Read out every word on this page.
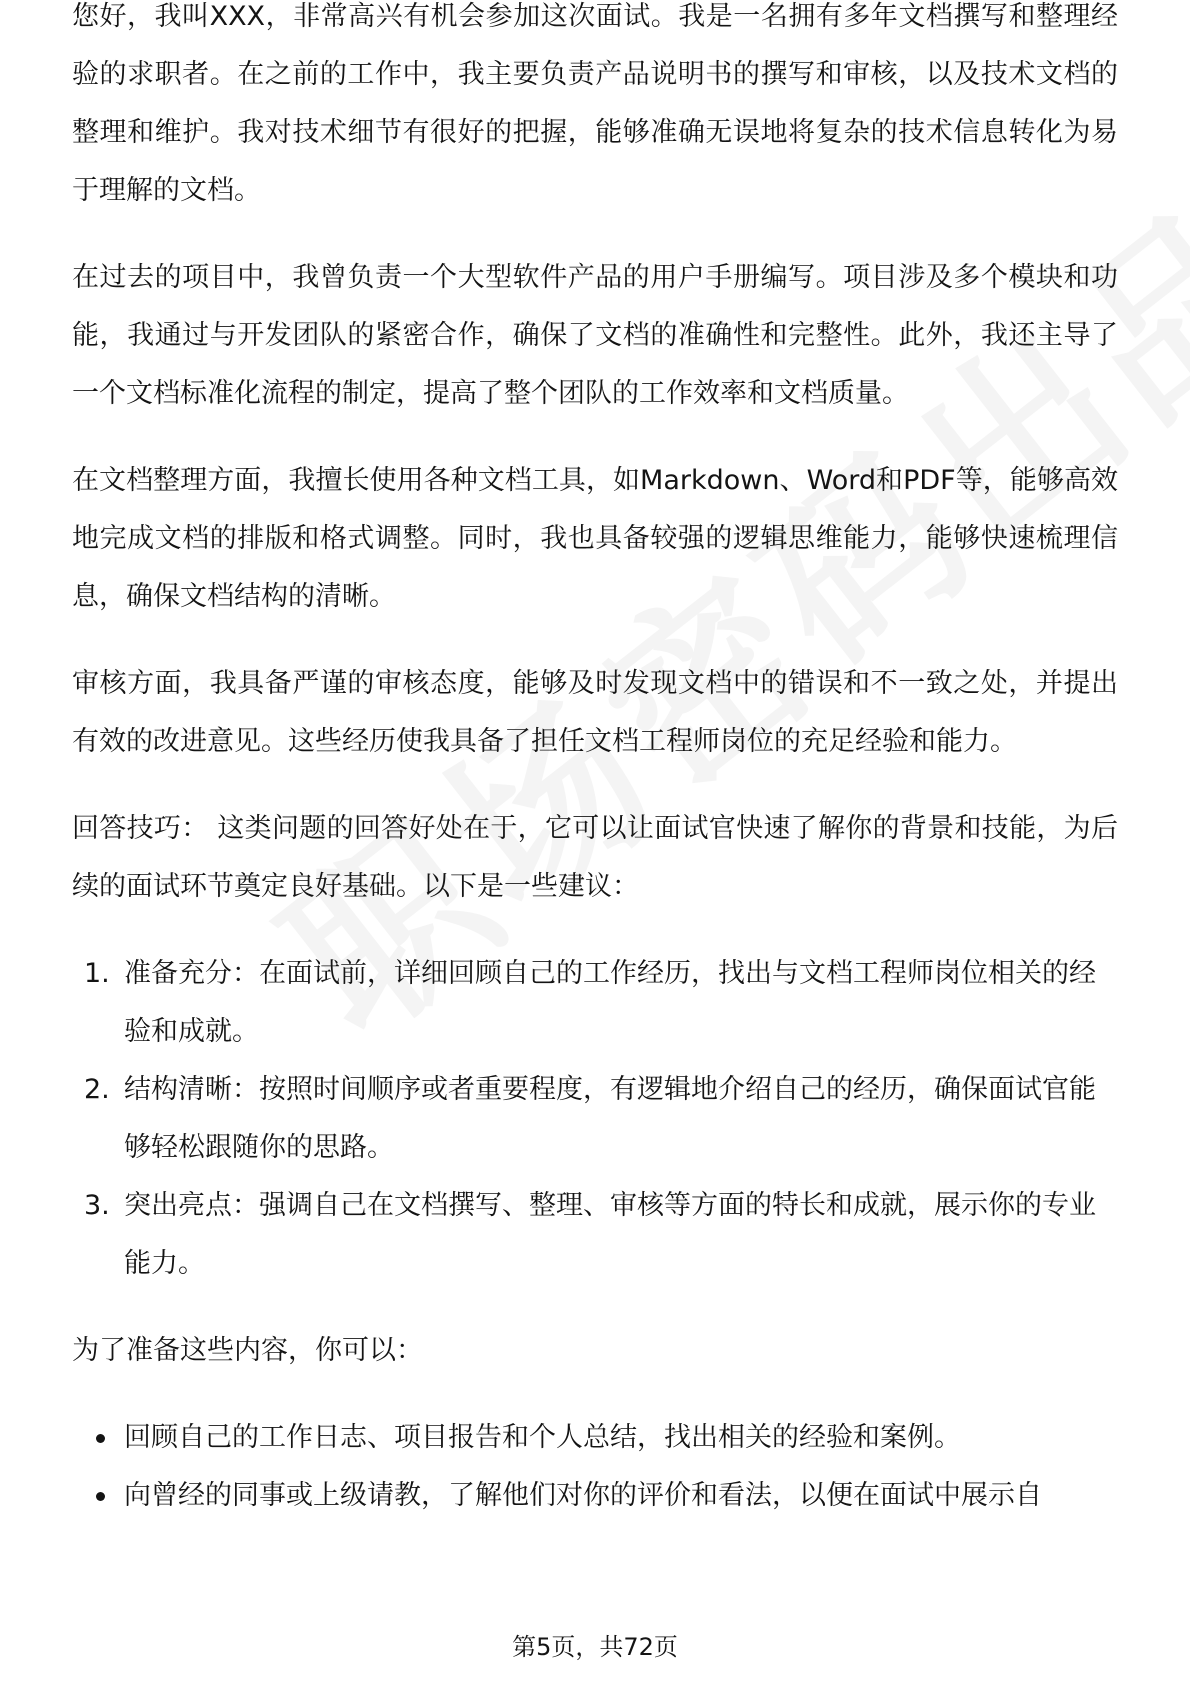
您好，我叫XXX，非常高兴有机会参加这次面试。我是一名拥有多年文档撰写和整理经验的求职者。在之前的工作中，我主要负责产品说明书的撰写和审核，以及技术文档的整理和维护。我对技术细节有很好的把握，能够准确无误地将复杂的技术信息转化为易于理解的文档。

在过去的项目中，我曾负责一个大型软件产品的用户手册编写。项目涉及多个模块和功能，我通过与开发团队的紧密合作，确保了文档的准确性和完整性。此外，我还主导了一个文档标准化流程的制定，提高了整个团队的工作效率和文档质量。

在文档整理方面，我擅长使用各种文档工具，如Markdown、Word和PDF等，能够高效地完成文档的排版和格式调整。同时，我也具备较强的逻辑思维能力，能够快速梳理信息，确保文档结构的清晰。

审核方面，我具备严谨的审核态度，能够及时发现文档中的错误和不一致之处，并提出有效的改进意见。这些经历使我具备了担任文档工程师岗位的充足经验和能力。

回答技巧： 这类问题的回答好处在于，它可以让面试官快速了解你的背景和技能，为后续的面试环节奠定良好基础。以下是一些建议：

1. 准备充分：在面试前，详细回顾自己的工作经历，找出与文档工程师岗位相关的经验和成就。
2. 结构清晰：按照时间顺序或者重要程度，有逻辑地介绍自己的经历，确保面试官能够轻松跟随你的思路。
3. 突出亮点：强调自己在文档撰写、整理、审核等方面的特长和成就，展示你的专业能力。

为了准备这些内容，你可以：

回顾自己的工作日志、项目报告和个人总结，找出相关的经验和案例。
向曾经的同事或上级请教，了解他们对你的评价和看法，以便在面试中展示自
第5页，共72页
